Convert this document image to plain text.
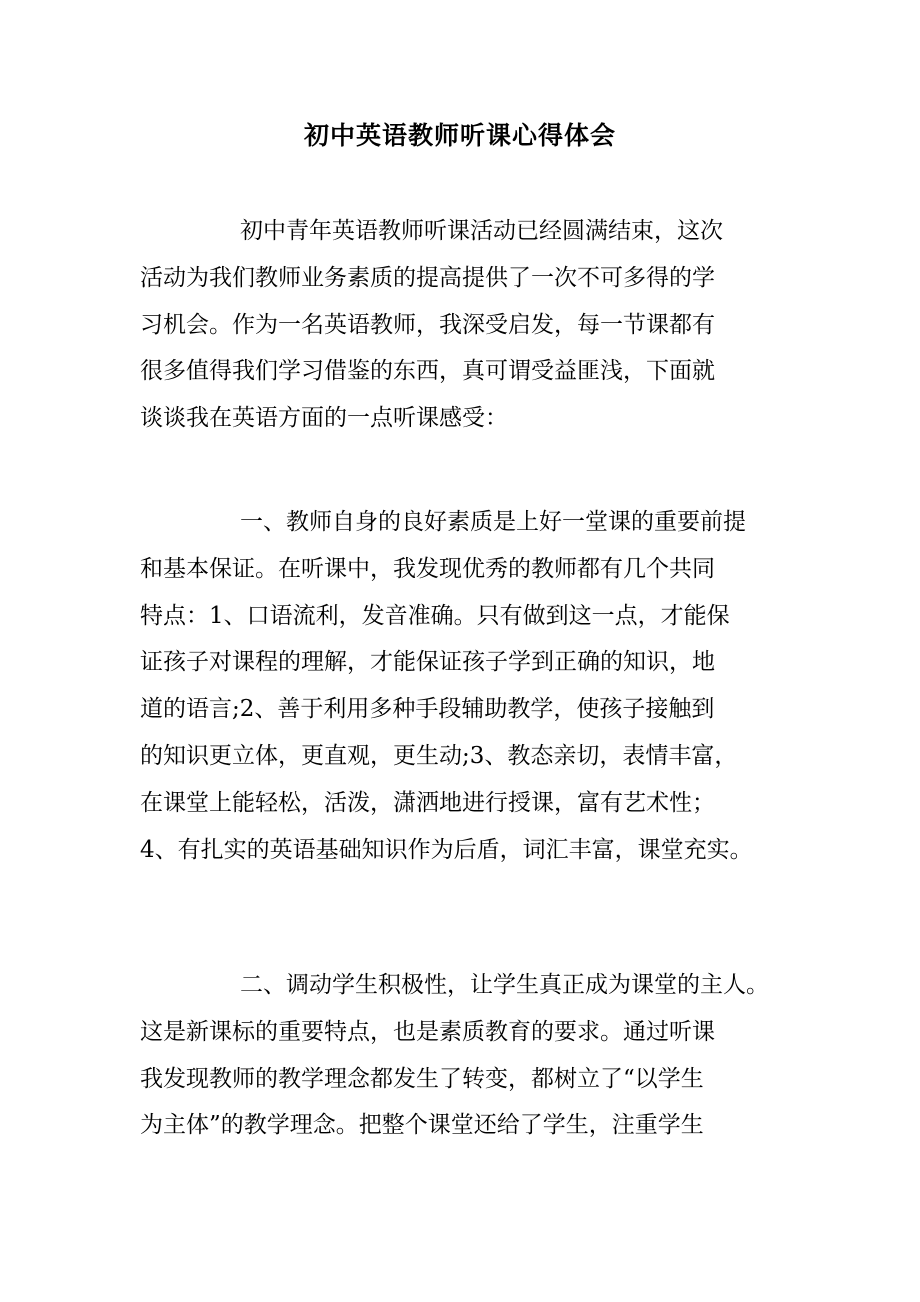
初中英语教师听课心得体会
初中青年英语教师听课活动已经圆满结束，这次
活动为我们教师业务素质的提高提供了一次不可多得的学
习机会。作为一名英语教师，我深受启发，每一节课都有
很多值得我们学习借鉴的东西，真可谓受益匪浅，下面就
谈谈我在英语方面的一点听课感受：
一、教师自身的良好素质是上好一堂课的重要前提
和基本保证。在听课中，我发现优秀的教师都有几个共同
特点：1、口语流利，发音准确。只有做到这一点，才能保
证孩子对课程的理解，才能保证孩子学到正确的知识，地
道的语言;2、善于利用多种手段辅助教学，使孩子接触到
的知识更立体，更直观，更生动;3、教态亲切，表情丰富，
在课堂上能轻松，活泼，潇洒地进行授课，富有艺术性；
4、有扎实的英语基础知识作为后盾，词汇丰富，课堂充实。
二、调动学生积极性，让学生真正成为课堂的主人。
这是新课标的重要特点，也是素质教育的要求。通过听课
我发现教师的教学理念都发生了转变，都树立了“以学生
为主体”的教学理念。把整个课堂还给了学生，注重学生
